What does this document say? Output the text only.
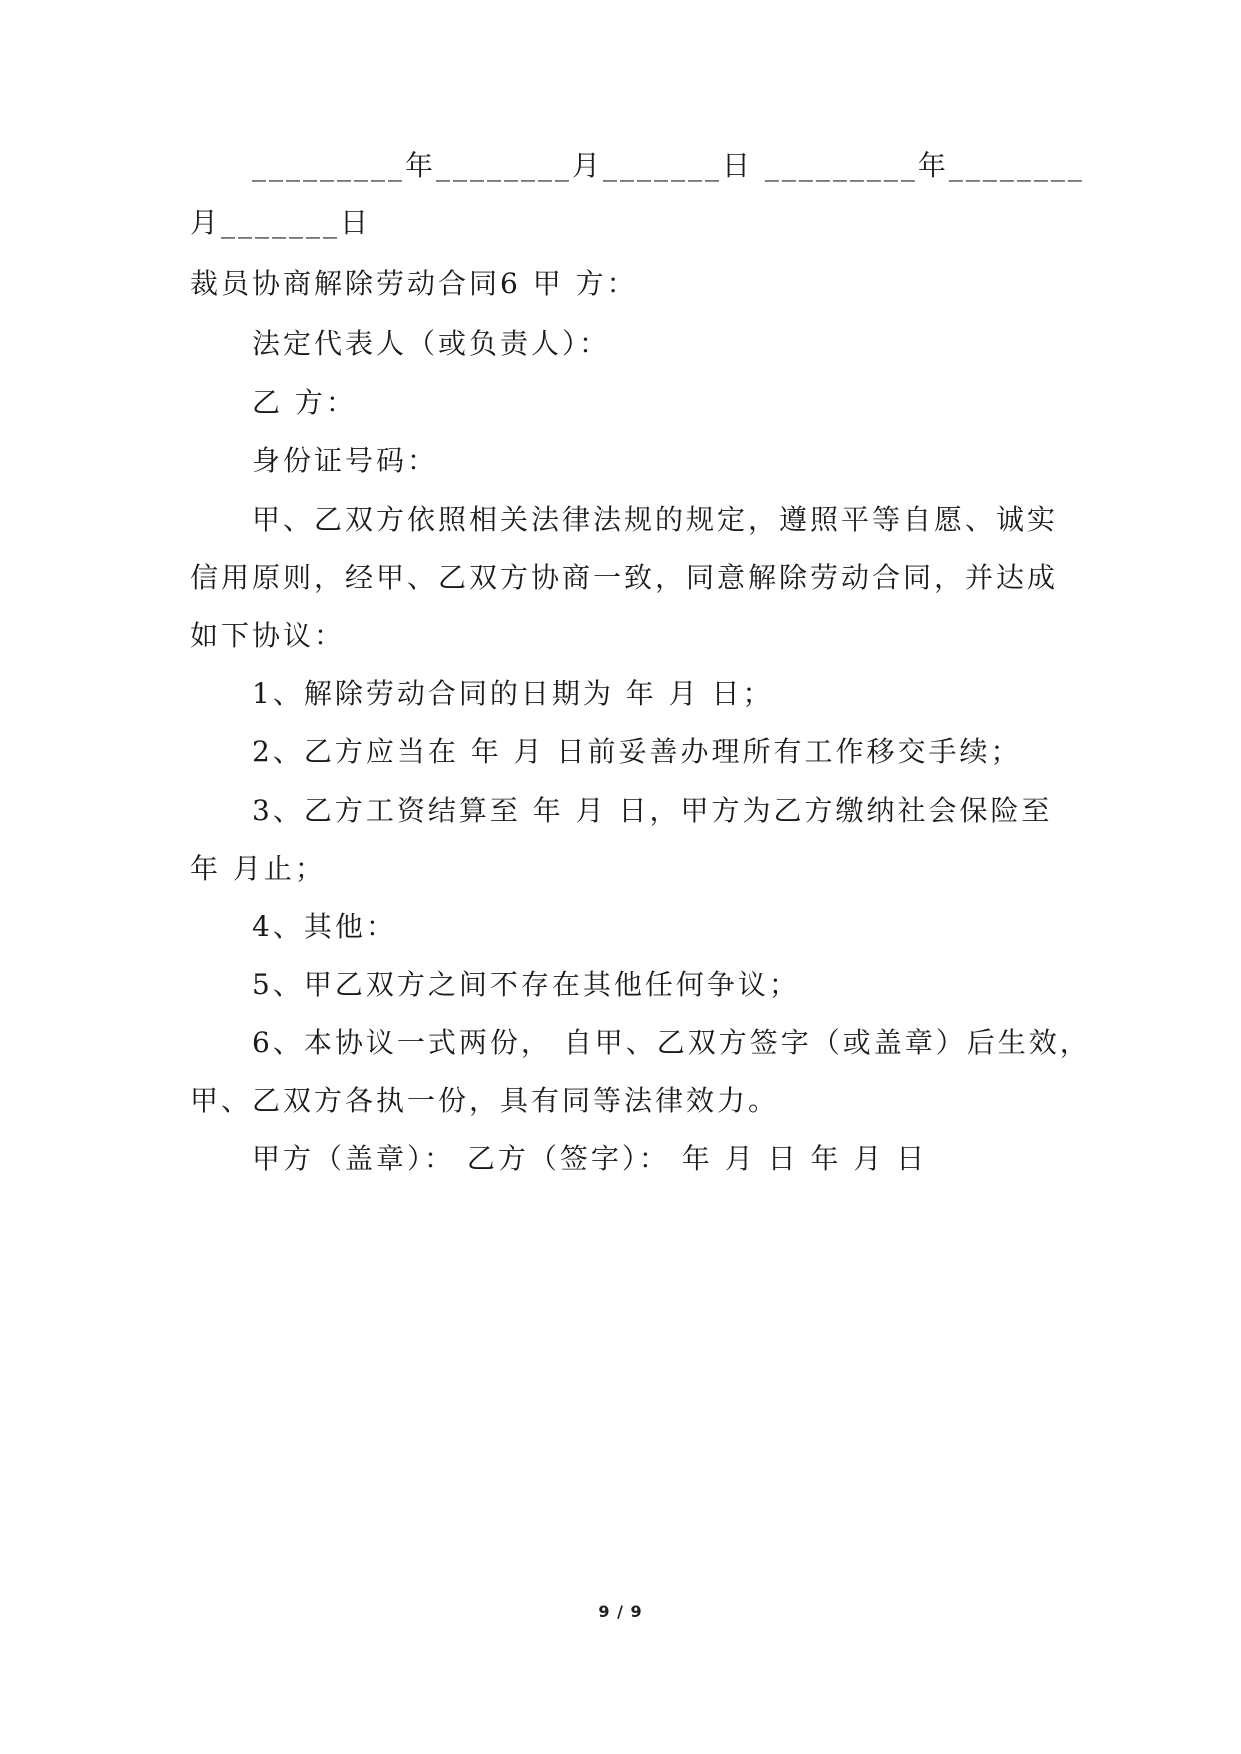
_________年________月_______日 _________年________
月_______日
裁员协商解除劳动合同6 甲 方：
法定代表人（或负责人）：
乙 方：
身份证号码：
甲、乙双方依照相关法律法规的规定，遵照平等自愿、诚实
信用原则，经甲、乙双方协商一致，同意解除劳动合同，并达成
如下协议：
1、解除劳动合同的日期为 年 月 日；
2、乙方应当在 年 月 日前妥善办理所有工作移交手续；
3、乙方工资结算至 年 月 日，甲方为乙方缴纳社会保险至
年 月止；
4、其他：
5、甲乙双方之间不存在其他任何争议；
6、本协议一式两份， 自甲、乙双方签字（或盖章）后生效，
甲、乙双方各执一份，具有同等法律效力。
甲方（盖章）： 乙方（签字）： 年 月 日 年 月 日
9 / 9
